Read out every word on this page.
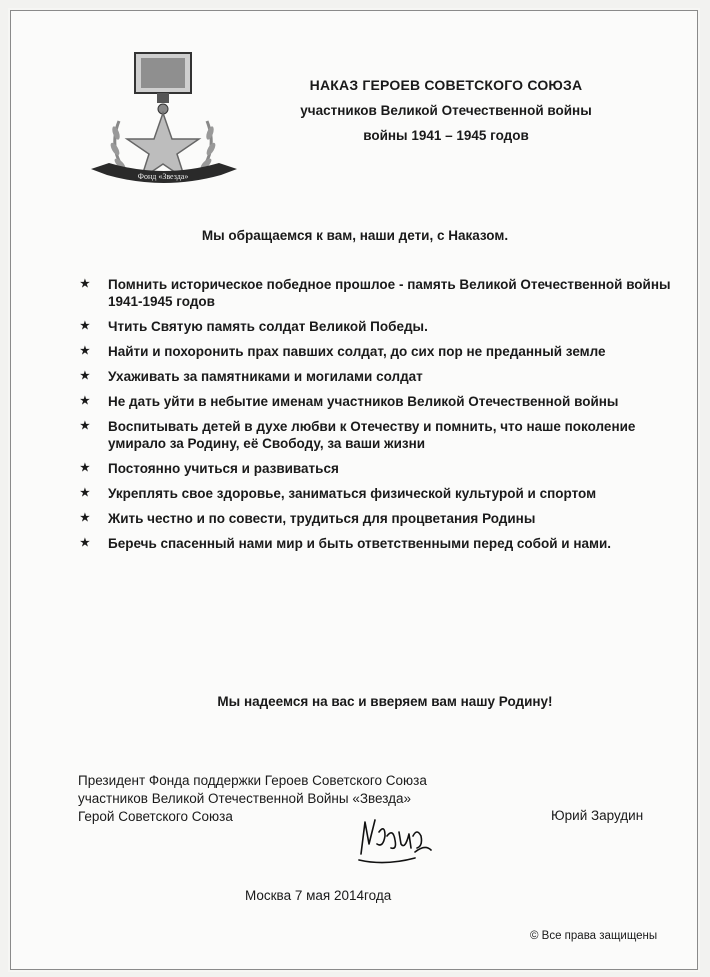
Фонд «Звезда»
НАКАЗ ГЕРОЕВ СОВЕТСКОГО СОЮЗА
участников Великой Отечественной войны
войны 1941 – 1945 годов
Мы обращаемся к вам, наши дети, с Наказом.
★ Помнить историческое победное прошлое - память Великой Отечественной войны 1941-1945 годов
★ Чтить Святую память солдат Великой Победы.
★ Найти и похоронить прах павших солдат, до сих пор не преданный земле
★ Ухаживать за памятниками и могилами солдат
★ Не дать уйти в небытие именам участников Великой Отечественной войны
★ Воспитывать детей в духе любви к Отечеству и помнить, что наше поколение умирало за Родину, её Свободу, за ваши жизни
★ Постоянно учиться и развиваться
★ Укреплять свое здоровье, заниматься физической культурой и спортом
★ Жить честно и по совести, трудиться для процветания Родины
★ Беречь спасенный нами мир и быть ответственными перед собой и нами.
Мы надеемся на вас и вверяем вам нашу Родину!
Президент Фонда поддержки Героев Советского Союза
участников Великой Отечественной Войны «Звезда»
Герой Советского Союза	Юрий Зарудин
Москва 7 мая 2014года
© Все права защищены
